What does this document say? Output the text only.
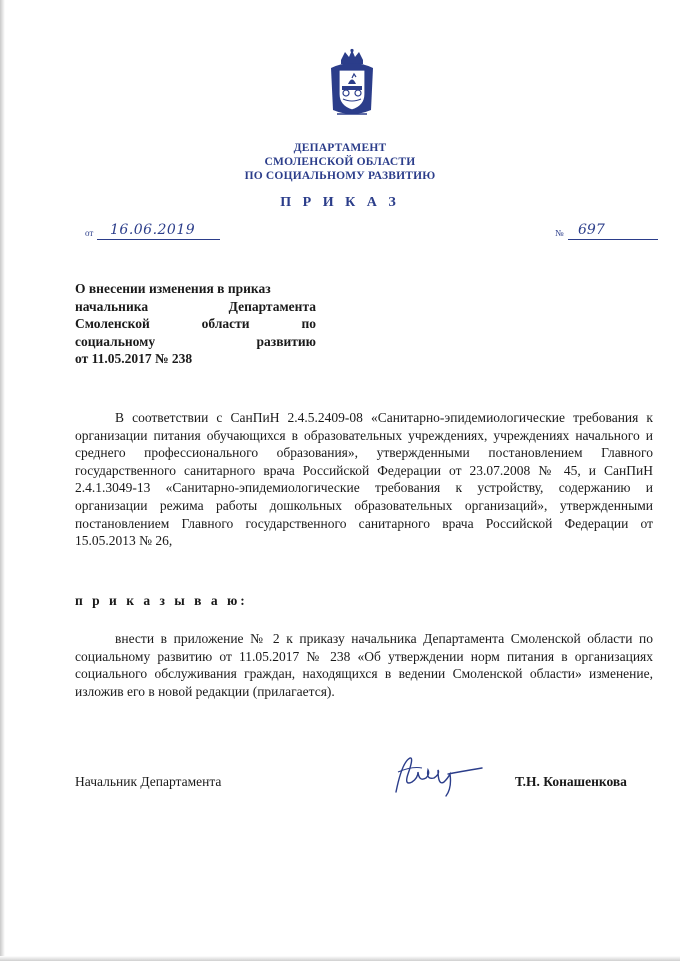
ДЕПАРТАМЕНТ
СМОЛЕНСКОЙ ОБЛАСТИ
ПО СОЦИАЛЬНОМУ РАЗВИТИЮ
П Р И К А З
от 16.06.2019	№ 697
О внесении изменения в приказ
начальника Департамента
Смоленской области по
социальному развитию
от 11.05.2017 № 238
В соответствии с СанПиН 2.4.5.2409-08 «Санитарно-эпидемиологические требования к организации питания обучающихся в образовательных учреждениях, учреждениях начального и среднего профессионального образования», утвержденными постановлением Главного государственного санитарного врача Российской Федерации от 23.07.2008 № 45, и СанПиН 2.4.1.3049-13 «Санитарно-эпидемиологические требования к устройству, содержанию и организации режима работы дошкольных образовательных организаций», утвержденными постановлением Главного государственного санитарного врача Российской Федерации от 15.05.2013 № 26,
п р и к а з ы в а ю:
внести в приложение № 2 к приказу начальника Департамента Смоленской области по социальному развитию от 11.05.2017 № 238 «Об утверждении норм питания в организациях социального обслуживания граждан, находящихся в ведении Смоленской области» изменение, изложив его в новой редакции (прилагается).
Начальник Департамента	Т.Н. Конашенкова
